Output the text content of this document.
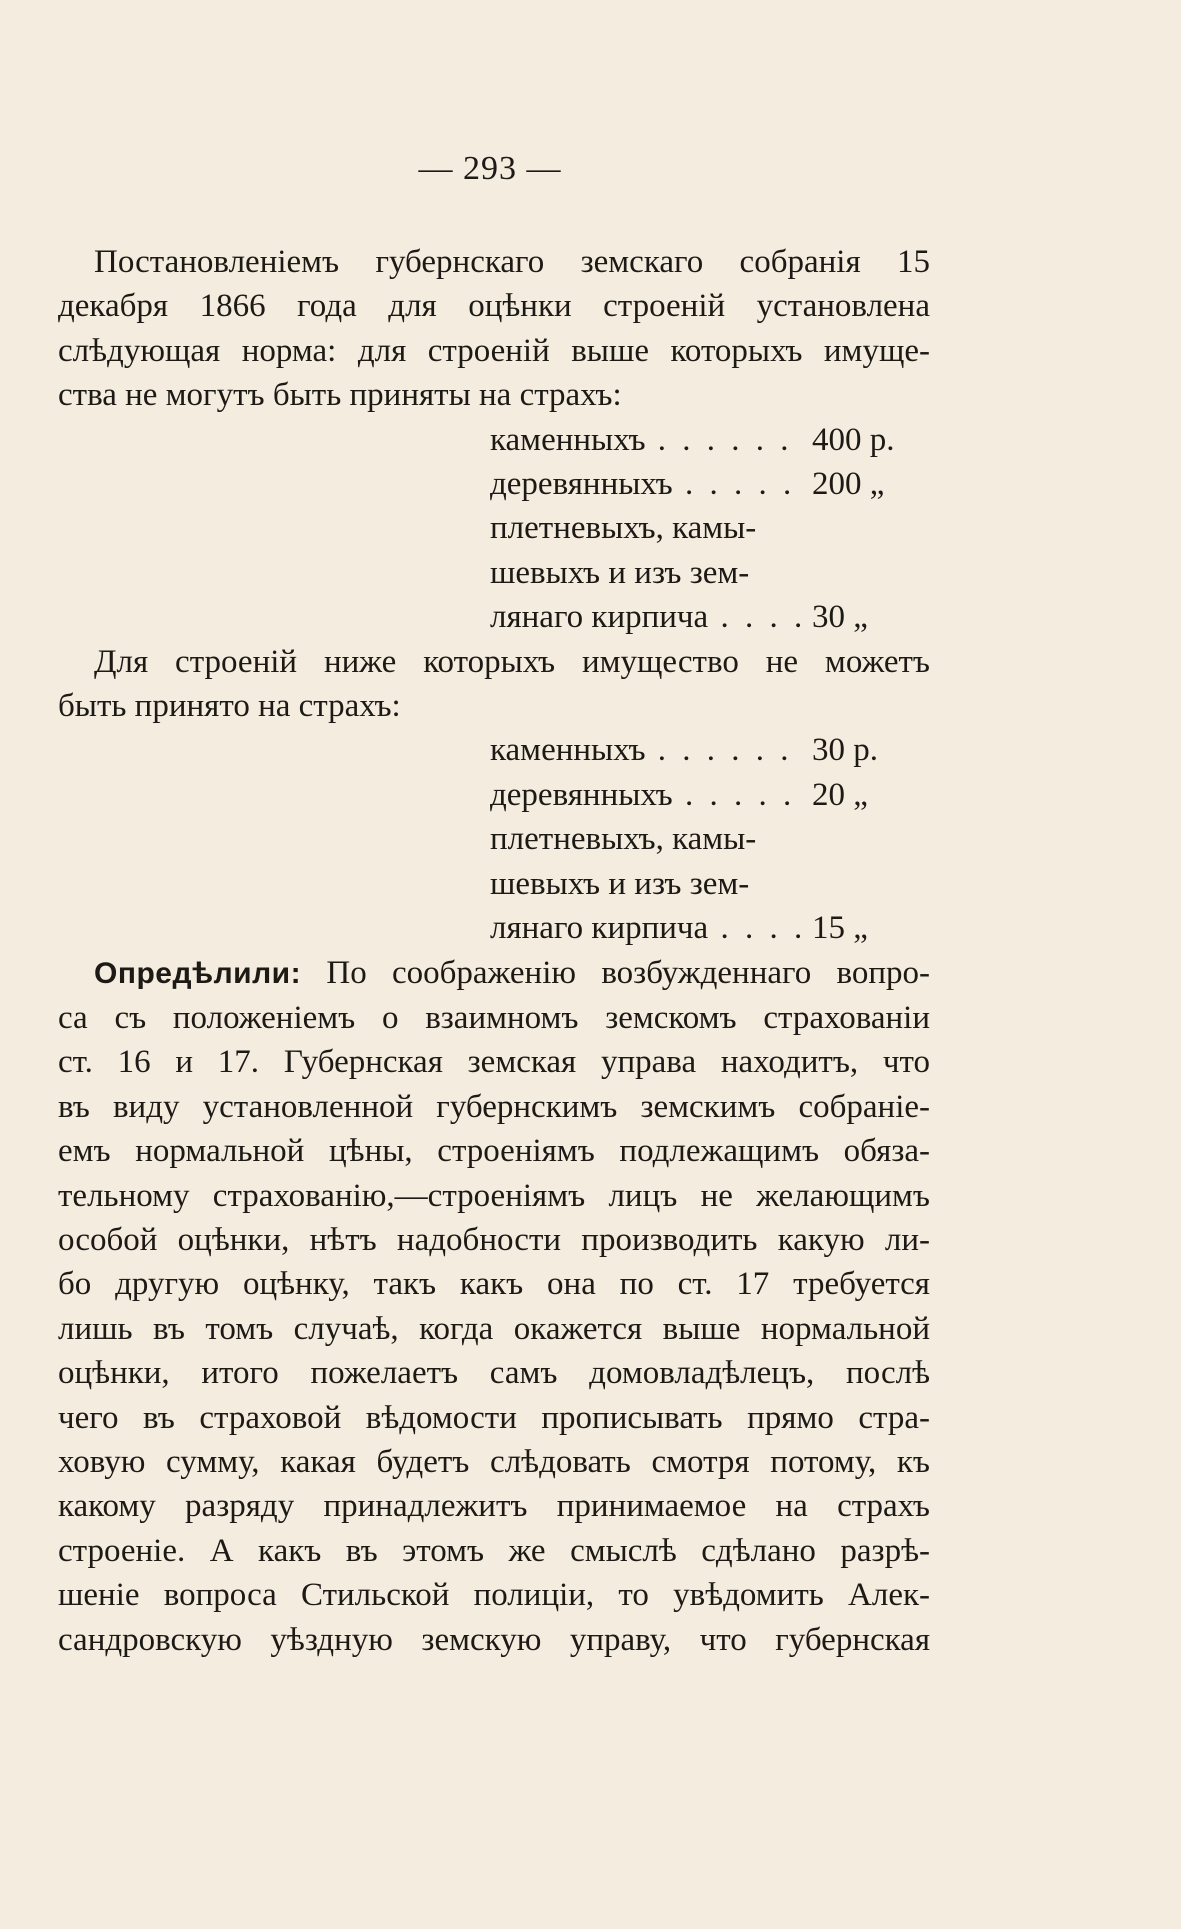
— 293 —

Постановленіемъ губернскаго земскаго собранія 15
декабря 1866 года для оцѣнки строеній установлена
слѣдующая норма: для строеній выше которыхъ имуще-
ства не могутъ быть приняты на страхъ:

каменныхъ . . .	400 р.
деревянныхъ . . .	200 „
плетневыхъ, камы-
шевыхъ и изъ зем-
лянаго кирпича . . .	30 „

Для строеній ниже которыхъ имущество не можетъ
быть принято на страхъ:

каменныхъ . . .	30 р.
деревянныхъ . . .	20 „
плетневыхъ, камы-
шевыхъ и изъ зем-
лянаго кирпича . . .	15 „

Опредѣлили: По соображенію возбужденнаго вопро-
са съ положеніемъ о взаимномъ земскомъ страхованіи
ст. 16 и 17. Губернская земская управа находитъ, что
въ виду установленной губернскимъ земскимъ собраніе-
емъ нормальной цѣны, строеніямъ подлежащимъ обяза-
тельному страхованію,—строеніямъ лицъ не желающимъ
особой оцѣнки, нѣтъ надобности производить какую ли-
бо другую оцѣнку, такъ какъ она по ст. 17 требуется
лишь въ томъ случаѣ, когда окажется выше нормальной
оцѣнки, итого пожелаетъ самъ домовладѣлецъ, послѣ
чего въ страховой вѣдомости прописывать прямо стра-
ховую сумму, какая будетъ слѣдовать смотря потому, къ
какому разряду принадлежитъ принимаемое на страхъ
строеніе. А какъ въ этомъ же смыслѣ сдѣлано разрѣ-
шеніе вопроса Стильской полиціи, то увѣдомить Алек-
сандровскую уѣздную земскую управу, что губернская
